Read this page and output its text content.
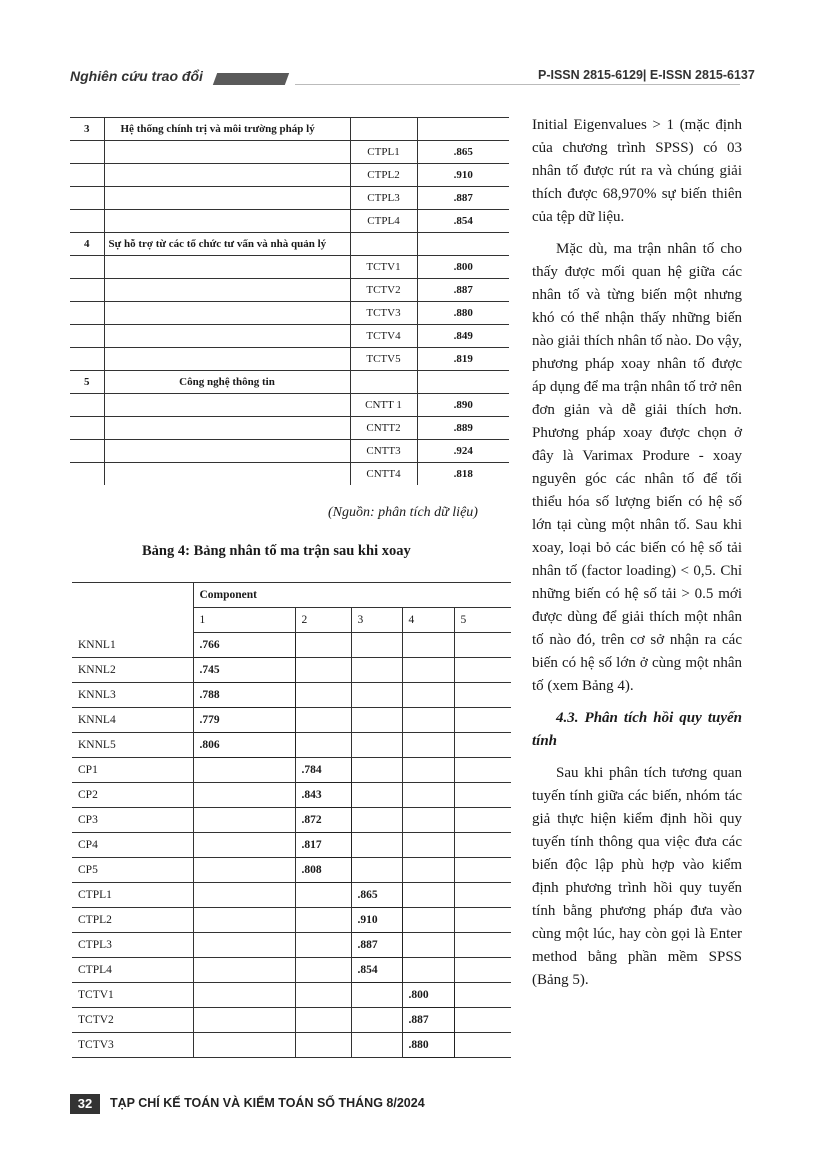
Nghiên cứu trao đổi	P-ISSN 2815-6129| E-ISSN 2815-6137
3	Hệ thống chính trị và môi trường pháp lý		
		CTPL1	.865
		CTPL2	.910
		CTPL3	.887
		CTPL4	.854
4	Sự hỗ trợ từ các tổ chức tư vấn và nhà quản lý		
		TCTV1	.800
		TCTV2	.887
		TCTV3	.880
		TCTV4	.849
		TCTV5	.819
5	Công nghệ thông tin		
		CNTT 1	.890
		CNTT2	.889
		CNTT3	.924
		CNTT4	.818
(Nguồn: phân tích dữ liệu)
Bảng 4: Bảng nhân tố ma trận sau khi xoay
	Component				
	1	2	3	4	5
KNNL1	.766				
KNNL2	.745				
KNNL3	.788				
KNNL4	.779				
KNNL5	.806				
CP1		.784			
CP2		.843			
CP3		.872			
CP4		.817			
CP5		.808			
CTPL1			.865		
CTPL2			.910		
CTPL3			.887		
CTPL4			.854		
TCTV1				.800	
TCTV2				.887	
TCTV3				.880	

Initial Eigenvalues > 1 (mặc định của chương trình SPSS) có 03 nhân tố được rút ra và chúng giải thích được 68,970% sự biến thiên của tệp dữ liệu.

Mặc dù, ma trận nhân tố cho thấy được mối quan hệ giữa các nhân tố và từng biến một nhưng khó có thể nhận thấy những biến nào giải thích nhân tố nào. Do vậy, phương pháp xoay nhân tố được áp dụng để ma trận nhân tố trở nên đơn giản và dễ giải thích hơn. Phương pháp xoay được chọn ở đây là Varimax Produre - xoay nguyên góc các nhân tố để tối thiểu hóa số lượng biến có hệ số lớn tại cùng một nhân tố. Sau khi xoay, loại bỏ các biến có hệ số tải nhân tố (factor loading) < 0,5. Chỉ những biến có hệ số tải > 0.5 mới được dùng để giải thích một nhân tố nào đó, trên cơ sở nhận ra các biến có hệ số lớn ở cùng một nhân tố (xem Bảng 4).

4.3. Phân tích hồi quy tuyến tính

Sau khi phân tích tương quan tuyến tính giữa các biến, nhóm tác giả thực hiện kiểm định hồi quy tuyến tính thông qua việc đưa các biến độc lập phù hợp vào kiểm định phương trình hồi quy tuyến tính bằng phương pháp đưa vào cùng một lúc, hay còn gọi là Enter method bằng phần mềm SPSS (Bảng 5).

32	TẠP CHÍ KẾ TOÁN VÀ KIỂM TOÁN SỐ THÁNG 8/2024
